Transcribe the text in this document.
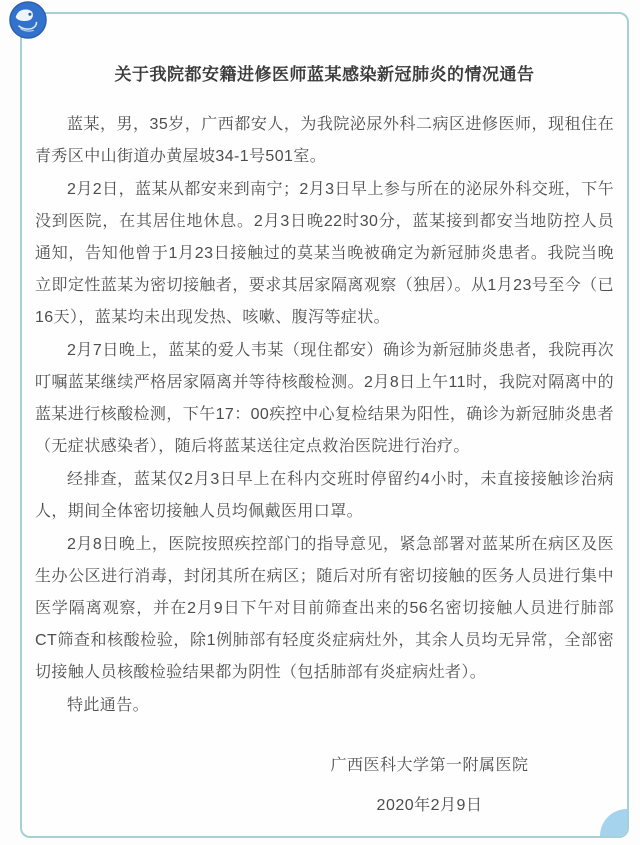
关于我院都安籍进修医师蓝某感染新冠肺炎的情况通告

蓝某，男，35岁，广西都安人，为我院泌尿外科二病区进修医师，现租住在青秀区中山街道办黄屋坡34-1号501室。

2月2日，蓝某从都安来到南宁；2月3日早上参与所在的泌尿外科交班，下午没到医院，在其居住地休息。2月3日晚22时30分，蓝某接到都安当地防控人员通知，告知他曾于1月23日接触过的莫某当晚被确定为新冠肺炎患者。我院当晚立即定性蓝某为密切接触者，要求其居家隔离观察（独居）。从1月23号至今（已16天），蓝某均未出现发热、咳嗽、腹泻等症状。

2月7日晚上，蓝某的爱人韦某（现住都安）确诊为新冠肺炎患者，我院再次叮嘱蓝某继续严格居家隔离并等待核酸检测。2月8日上午11时，我院对隔离中的蓝某进行核酸检测，下午17：00疾控中心复检结果为阳性，确诊为新冠肺炎患者（无症状感染者），随后将蓝某送往定点救治医院进行治疗。

经排查，蓝某仅2月3日早上在科内交班时停留约4小时，未直接接触诊治病人，期间全体密切接触人员均佩戴医用口罩。

2月8日晚上，医院按照疾控部门的指导意见，紧急部署对蓝某所在病区及医生办公区进行消毒，封闭其所在病区；随后对所有密切接触的医务人员进行集中医学隔离观察，并在2月9日下午对目前筛查出来的56名密切接触人员进行肺部CT筛查和核酸检验，除1例肺部有轻度炎症病灶外，其余人员均无异常，全部密切接触人员核酸检验结果都为阴性（包括肺部有炎症病灶者）。

特此通告。

广西医科大学第一附属医院
2020年2月9日
